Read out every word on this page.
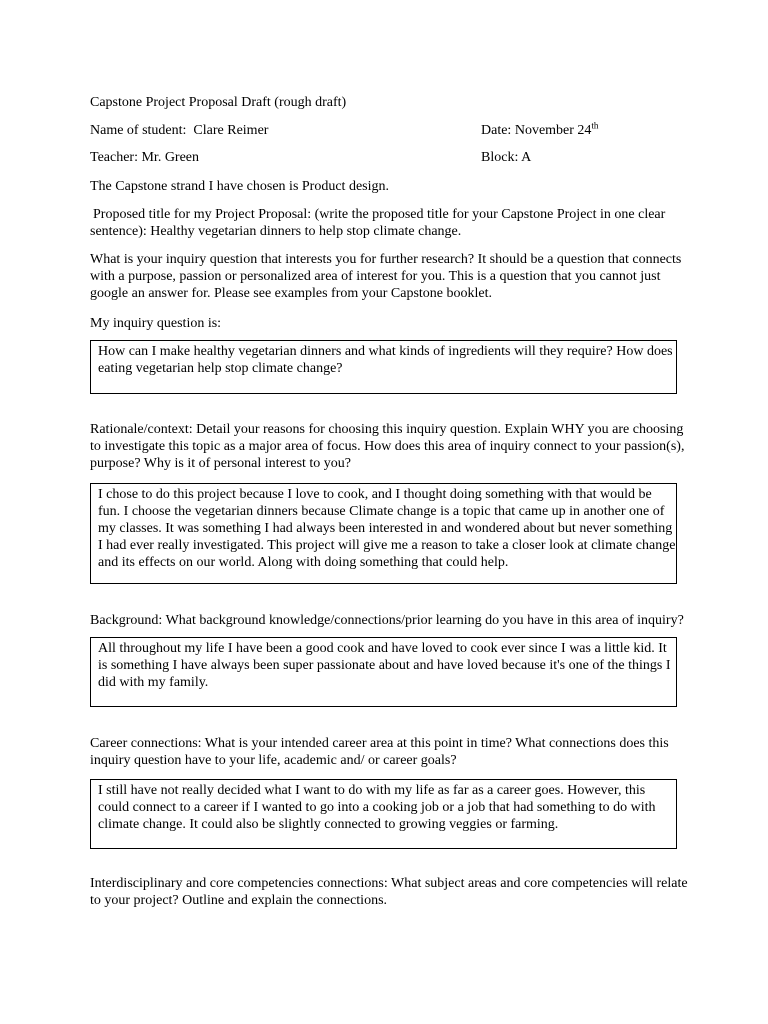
Capstone Project Proposal Draft (rough draft)
Name of student: Clare Reimer	Date: November 24th
Teacher: Mr. Green	Block: A
The Capstone strand I have chosen is Product design.
Proposed title for my Project Proposal: (write the proposed title for your Capstone Project in one clear sentence): Healthy vegetarian dinners to help stop climate change.
What is your inquiry question that interests you for further research? It should be a question that connects with a purpose, passion or personalized area of interest for you. This is a question that you cannot just google an answer for. Please see examples from your Capstone booklet.
My inquiry question is:

How can I make healthy vegetarian dinners and what kinds of ingredients will they require? How does eating vegetarian help stop climate change?

Rationale/context: Detail your reasons for choosing this inquiry question. Explain WHY you are choosing to investigate this topic as a major area of focus. How does this area of inquiry connect to your passion(s), purpose? Why is it of personal interest to you?

I chose to do this project because I love to cook, and I thought doing something with that would be fun. I choose the vegetarian dinners because Climate change is a topic that came up in another one of my classes. It was something I had always been interested in and wondered about but never something I had ever really investigated. This project will give me a reason to take a closer look at climate change and its effects on our world. Along with doing something that could help.

Background: What background knowledge/connections/prior learning do you have in this area of inquiry?

All throughout my life I have been a good cook and have loved to cook ever since I was a little kid. It is something I have always been super passionate about and have loved because it's one of the things I did with my family.

Career connections: What is your intended career area at this point in time? What connections does this inquiry question have to your life, academic and/ or career goals?

I still have not really decided what I want to do with my life as far as a career goes. However, this could connect to a career if I wanted to go into a cooking job or a job that had something to do with climate change. It could also be slightly connected to growing veggies or farming.

Interdisciplinary and core competencies connections: What subject areas and core competencies will relate to your project? Outline and explain the connections.
